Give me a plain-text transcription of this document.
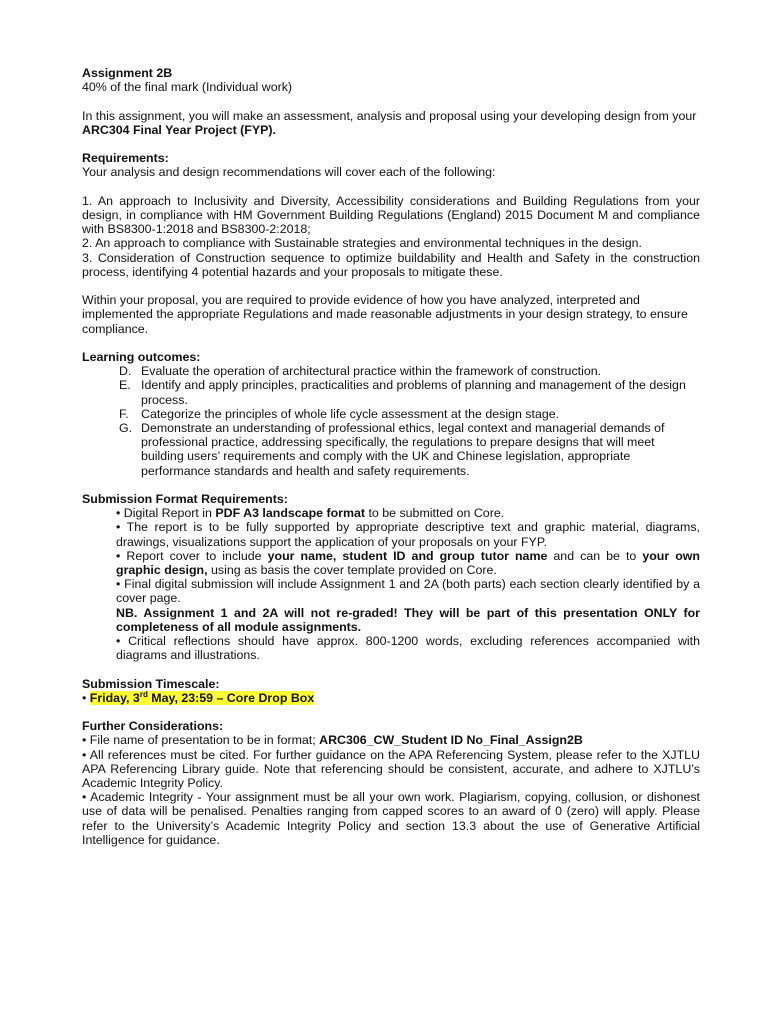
Assignment 2B

40% of the final mark (Individual work)

In this assignment, you will make an assessment, analysis and proposal using your developing design from your ARC304 Final Year Project (FYP).

Requirements:

Your analysis and design recommendations will cover each of the following:

1. An approach to Inclusivity and Diversity, Accessibility considerations and Building Regulations from your design, in compliance with HM Government Building Regulations (England) 2015 Document M and compliance with BS8300-1:2018 and BS8300-2:2018;

2. An approach to compliance with Sustainable strategies and environmental techniques in the design.

3. Consideration of Construction sequence to optimize buildability and Health and Safety in the construction process, identifying 4 potential hazards and your proposals to mitigate these.

Within your proposal, you are required to provide evidence of how you have analyzed, interpreted and implemented the appropriate Regulations and made reasonable adjustments in your design strategy, to ensure compliance.

Learning outcomes:

D. Evaluate the operation of architectural practice within the framework of construction.
E. Identify and apply principles, practicalities and problems of planning and management of the design process.
F. Categorize the principles of whole life cycle assessment at the design stage.
G. Demonstrate an understanding of professional ethics, legal context and managerial demands of professional practice, addressing specifically, the regulations to prepare designs that will meet building users’ requirements and comply with the UK and Chinese legislation, appropriate performance standards and health and safety requirements.

Submission Format Requirements:

• Digital Report in PDF A3 landscape format to be submitted on Core.

• The report is to be fully supported by appropriate descriptive text and graphic material, diagrams, drawings, visualizations support the application of your proposals on your FYP.

• Report cover to include your name, student ID and group tutor name and can be to your own graphic design, using as basis the cover template provided on Core.

• Final digital submission will include Assignment 1 and 2A (both parts) each section clearly identified by a cover page.

NB. Assignment 1 and 2A will not re-graded! They will be part of this presentation ONLY for completeness of all module assignments.

• Critical reflections should have approx. 800-1200 words, excluding references accompanied with diagrams and illustrations.

Submission Timescale:

• Friday, 3rd May, 23:59 – Core Drop Box

Further Considerations:

• File name of presentation to be in format; ARC306_CW_Student ID No_Final_Assign2B

• All references must be cited. For further guidance on the APA Referencing System, please refer to the XJTLU APA Referencing Library guide. Note that referencing should be consistent, accurate, and adhere to XJTLU’s Academic Integrity Policy.

• Academic Integrity - Your assignment must be all your own work. Plagiarism, copying, collusion, or dishonest use of data will be penalised. Penalties ranging from capped scores to an award of 0 (zero) will apply. Please refer to the University’s Academic Integrity Policy and section 13.3 about the use of Generative Artificial Intelligence for guidance.
